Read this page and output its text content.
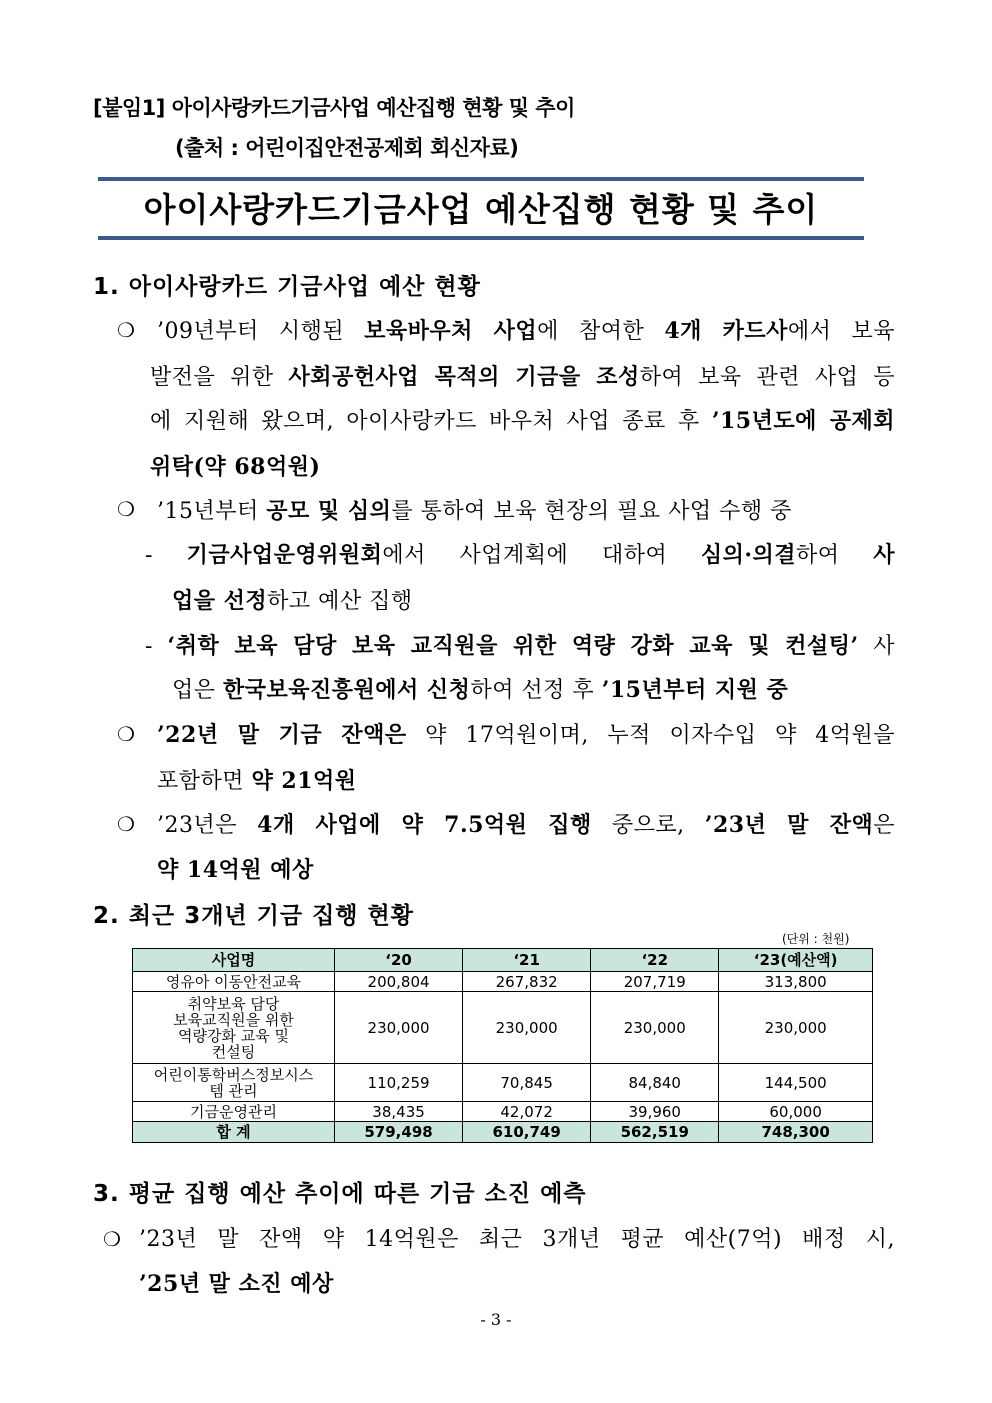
[붙임1] 아이사랑카드기금사업 예산집행 현황 및 추이
(출처 : 어린이집안전공제회 회신자료)
아이사랑카드기금사업 예산집행 현황 및 추이
1. 아이사랑카드 기금사업 예산 현황
❍ ’09년부터 시행된 보육바우처 사업에 참여한 4개 카드사에서 보육
발전을 위한 사회공헌사업 목적의 기금을 조성하여 보육 관련 사업 등
에 지원해 왔으며, 아이사랑카드 바우처 사업 종료 후 ’15년도에 공제회
위탁(약 68억원)
❍ ’15년부터 공모 및 심의를 통하여 보육 현장의 필요 사업 수행 중
- 기금사업운영위원회에서 사업계획에 대하여 심의·의결하여 사
업을 선정하고 예산 집행
- ‘취학 보육 담당 보육 교직원을 위한 역량 강화 교육 및 컨설팅’ 사
업은 한국보육진흥원에서 신청하여 선정 후 ’15년부터 지원 중
❍ ’22년 말 기금 잔액은 약 17억원이며, 누적 이자수입 약 4억원을
포함하면 약 21억원
❍ ’23년은 4개 사업에 약 7.5억원 집행 중으로, ’23년 말 잔액은
약 14억원 예상
2. 최근 3개년 기금 집행 현황
(단위 : 천원)
사업명	‘20	‘21	‘22	‘23(예산액)
영유아 이동안전교육	200,804	267,832	207,719	313,800

취약보육 담당
보육교직원을 위한
역량강화 교육 및
컨설팅	230,000	230,000	230,000	230,000

어린이통학버스정보시스
템 관리	110,259	70,845	84,840	144,500
기금운영관리	38,435	42,072	39,960	60,000
합 계	579,498	610,749	562,519	748,300
3. 평균 집행 예산 추이에 따른 기금 소진 예측
❍ ’23년 말 잔액 약 14억원은 최근 3개년 평균 예산(7억) 배정 시,
’25년 말 소진 예상
- 3 -
